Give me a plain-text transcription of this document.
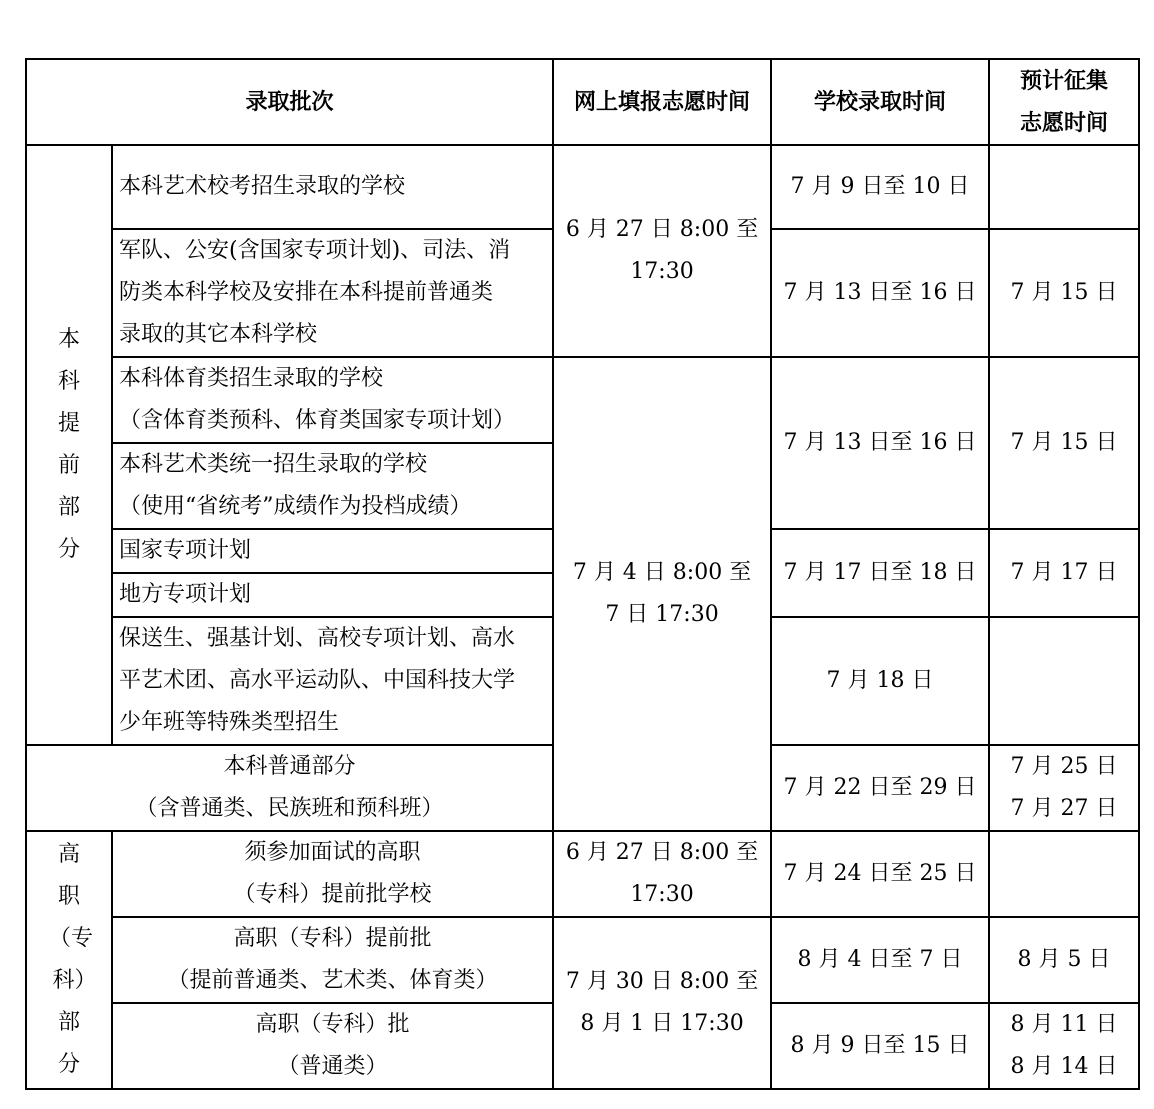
录取批次		网上填报志愿时间	学校录取时间	预计征集
志愿时间

本科提前部分	本科艺术校考招生录取的学校	6 月 27 日 8:00 至
17:30	7 月 9 日至 10 日	

	军队、公安(含国家专项计划)、司法、消
防类本科学校及安排在本科提前普通类
录取的其它本科学校		7 月 13 日至 16 日	7 月 15 日

	本科体育类招生录取的学校
（含体育类预科、体育类国家专项计划）	7 月 4 日 8:00 至
7 日 17:30	7 月 13 日至 16 日	7 月 15 日

	本科艺术类统一招生录取的学校
（使用“省统考”成绩作为投档成绩）			

	国家专项计划		7 月 17 日至 18 日	7 月 17 日
	地方专项计划			

	保送生、强基计划、高校专项计划、高水
平艺术团、高水平运动队、中国科技大学
少年班等特殊类型招生		7 月 18 日	

本科普通部分
（含普通类、民族班和预科班）			7 月 22 日至 29 日	7 月 25 日
7 月 27 日

高职（专科）部分	须参加面试的高职
（专科）提前批学校	6 月 27 日 8:00 至
17:30	7 月 24 日至 25 日	

	高职（专科）提前批
（提前普通类、艺术类、体育类）	7 月 30 日 8:00 至
8 月 1 日 17:30	8 月 4 日至 7 日	8 月 5 日

	高职（专科）批
（普通类）		8 月 9 日至 15 日	8 月 11 日
8 月 14 日
